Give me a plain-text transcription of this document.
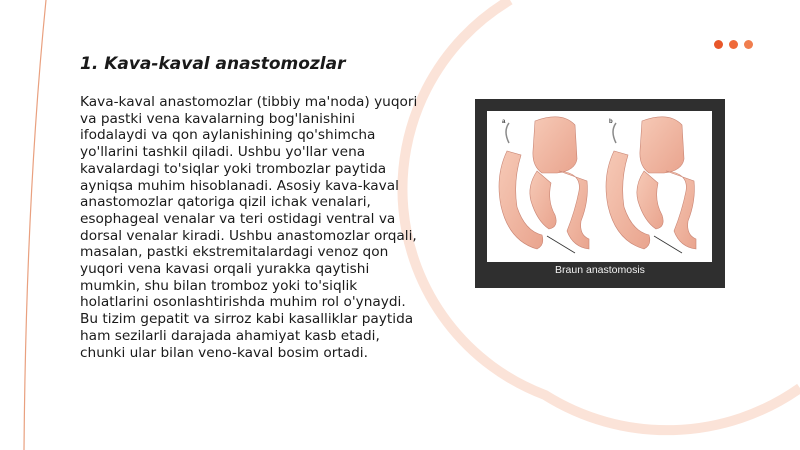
1. Kava-kaval anastomozlar

Kava-kaval anastomozlar (tibbiy ma'noda) yuqori va pastki vena kavalarning bog'lanishini ifodalaydi va qon aylanishining qo'shimcha yo'llarini tashkil qiladi. Ushbu yo'llar vena kavalardagi to'siqlar yoki trombozlar paytida ayniqsa muhim hisoblanadi. Asosiy kava-kaval anastomozlar qatoriga qizil ichak venalari, esophageal venalar va teri ostidagi ventral va dorsal venalar kiradi. Ushbu anastomozlar orqali, masalan, pastki ekstremitalardagi venoz qon yuqori vena kavasi orqali yurakka qaytishi mumkin, shu bilan tromboz yoki to'siqlik holatlarini osonlashtirishda muhim rol o'ynaydi. Bu tizim gepatit va sirroz kabi kasalliklar paytida ham sezilarli darajada ahamiyat kasb etadi, chunki ular bilan veno-kaval bosim ortadi.

a	b
Braun anastomosis
